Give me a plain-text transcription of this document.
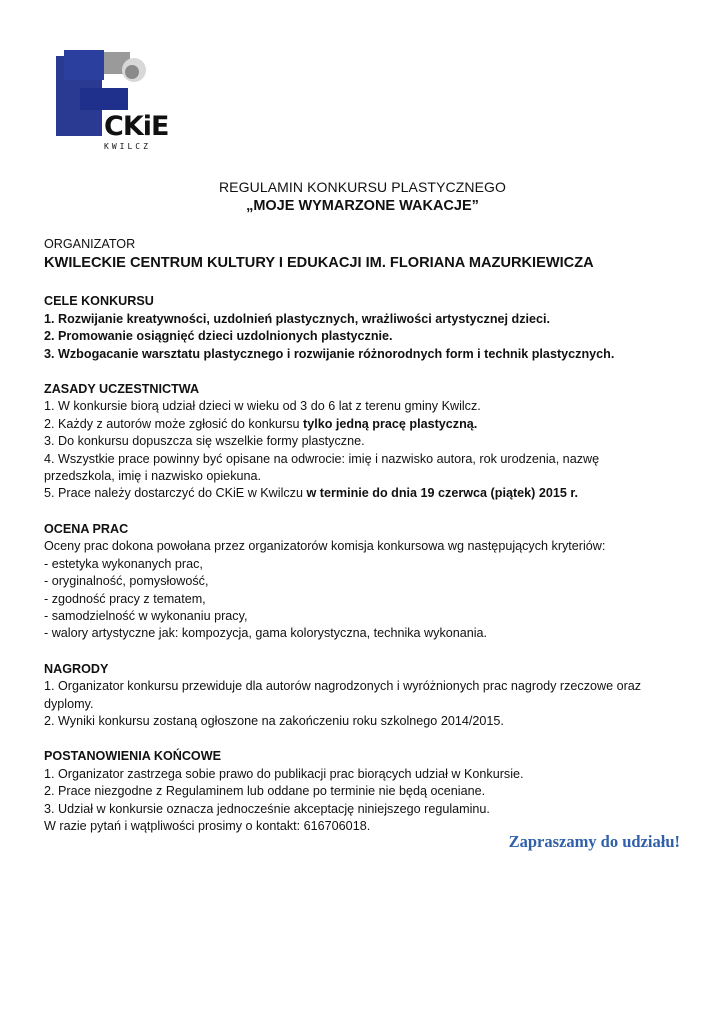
CKiE
KWILCZ
REGULAMIN KONKURSU PLASTYCZNEGO
„MOJE WYMARZONE WAKACJE”
ORGANIZATOR
KWILECKIE CENTRUM KULTURY I EDUKACJI IM. FLORIANA MAZURKIEWICZA
CELE KONKURSU
1. Rozwijanie kreatywności, uzdolnień plastycznych, wrażliwości artystycznej dzieci.
2. Promowanie osiągnięć dzieci uzdolnionych plastycznie.
3. Wzbogacanie warsztatu plastycznego i rozwijanie różnorodnych form i technik plastycznych.
ZASADY UCZESTNICTWA
1. W konkursie biorą udział dzieci w wieku od 3 do 6 lat z terenu gminy Kwilcz.
2. Każdy z autorów może zgłosić do konkursu tylko jedną pracę plastyczną.
3. Do konkursu dopuszcza się wszelkie formy plastyczne.
4. Wszystkie prace powinny być opisane na odwrocie: imię i nazwisko autora, rok urodzenia, nazwę przedszkola, imię i nazwisko opiekuna.
5. Prace należy dostarczyć do CKiE w Kwilczu w terminie do dnia 19 czerwca (piątek) 2015 r.
OCENA PRAC
Oceny prac dokona powołana przez organizatorów komisja konkursowa wg następujących kryteriów:
- estetyka wykonanych prac,
- oryginalność, pomysłowość,
- zgodność pracy z tematem,
- samodzielność w wykonaniu pracy,
- walory artystyczne jak: kompozycja, gama kolorystyczna, technika wykonania.
NAGRODY
1. Organizator konkursu przewiduje dla autorów nagrodzonych i wyróżnionych prac nagrody rzeczowe oraz dyplomy.
2. Wyniki konkursu zostaną ogłoszone na zakończeniu roku szkolnego 2014/2015.
POSTANOWIENIA KOŃCOWE
1. Organizator zastrzega sobie prawo do publikacji prac biorących udział w Konkursie.
2. Prace niezgodne z Regulaminem lub oddane po terminie nie będą oceniane.
3. Udział w konkursie oznacza jednocześnie akceptację niniejszego regulaminu.
W razie pytań i wątpliwości prosimy o kontakt: 616706018.
Zapraszamy do udziału!
